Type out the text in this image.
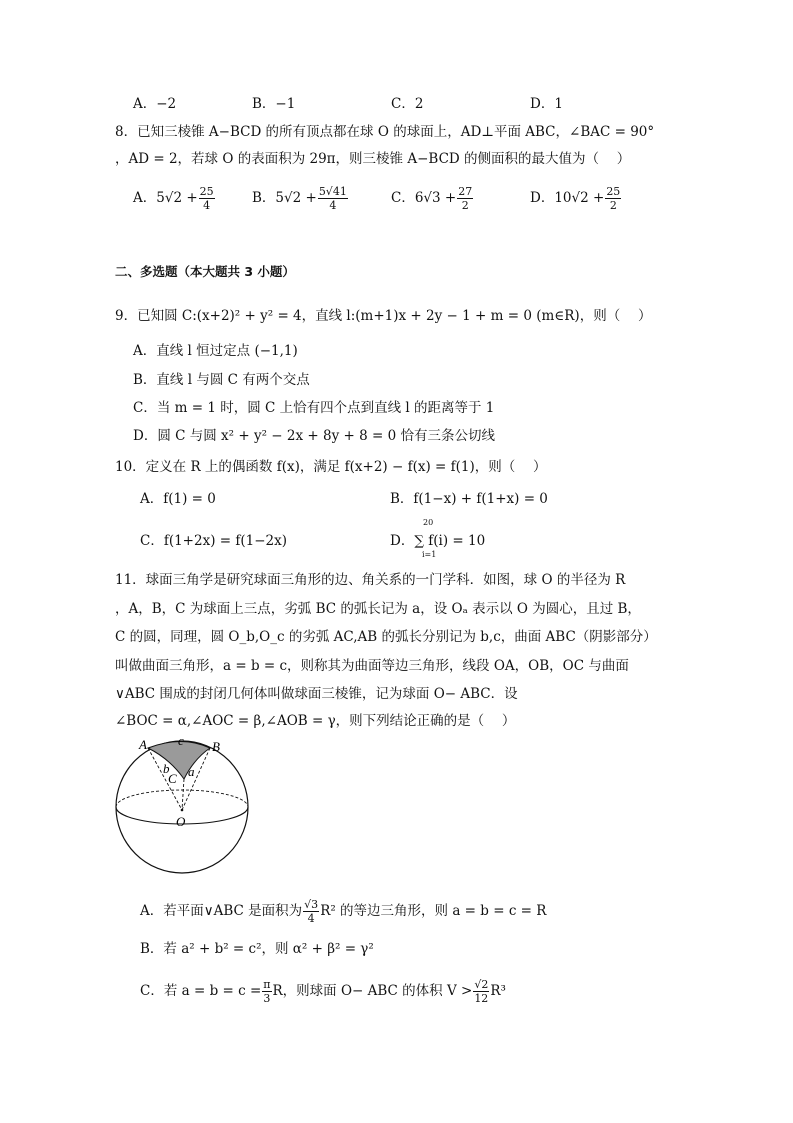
A．−2	B．−1	C．2	D．1
8．已知三棱锥 A−BCD 的所有顶点都在球 O 的球面上，AD⊥平面 ABC，∠BAC = 90°
，AD = 2，若球 O 的表面积为 29π，则三棱锥 A−BCD 的侧面积的最大值为（　 ）
A．$5√2 + \frac{25}{4}$	B．$5√2 + \frac{5√41}{4}$	C．$6√3 + \frac{27}{2}$	D．$10√2 + \frac{25}{2}$
二、多选题（本大题共 3 小题）
9．已知圆 C:(x+2)² + y² = 4，直线 l:(m+1)x + 2y − 1 + m = 0 (m∈R)，则（　 ）
A．直线 l 恒过定点 (−1,1)
B．直线 l 与圆 C 有两个交点
C．当 m = 1 时，圆 C 上恰有四个点到直线 l 的距离等于 1
D．圆 C 与圆 x² + y² − 2x + 8y + 8 = 0 恰有三条公切线
10．定义在 R 上的偶函数 f(x)，满足 f(x+2) − f(x) = f(1)，则（　 ）
A．f(1) = 0	B．f(1−x) + f(1+x) = 0
C．f(1+2x) = f(1−2x)	D．∑ f(i) = 10
20
i=1
11．球面三角学是研究球面三角形的边、角关系的一门学科．如图，球 O 的半径为 R
，A，B，C 为球面上三点，劣弧 BC 的弧长记为 a，设 Oₐ 表示以 O 为圆心，且过 B，
C 的圆，同理，圆 O_b,O_c 的劣弧 AC,AB 的弧长分别记为 b,c，曲面 ABC（阴影部分）
叫做曲面三角形，a = b = c，则称其为曲面等边三角形，线段 OA，OB，OC 与曲面
∨ABC 围成的封闭几何体叫做球面三棱锥，记为球面 O− ABC．设
∠BOC = α,∠AOC = β,∠AOB = γ，则下列结论正确的是（　 ）
A	B
C
O
a
b
c
A．若平面∨ABC 是面积为 $\frac{√3}{4} R^2$ 的等边三角形，则 a = b = c = R
B．若 a² + b² = c²，则 α² + β² = γ²
C．若 $a = b = c = \frac{\pi}{3}$ R，则球面 O− ABC 的体积 $V > \frac{√2}{12} R^3$
